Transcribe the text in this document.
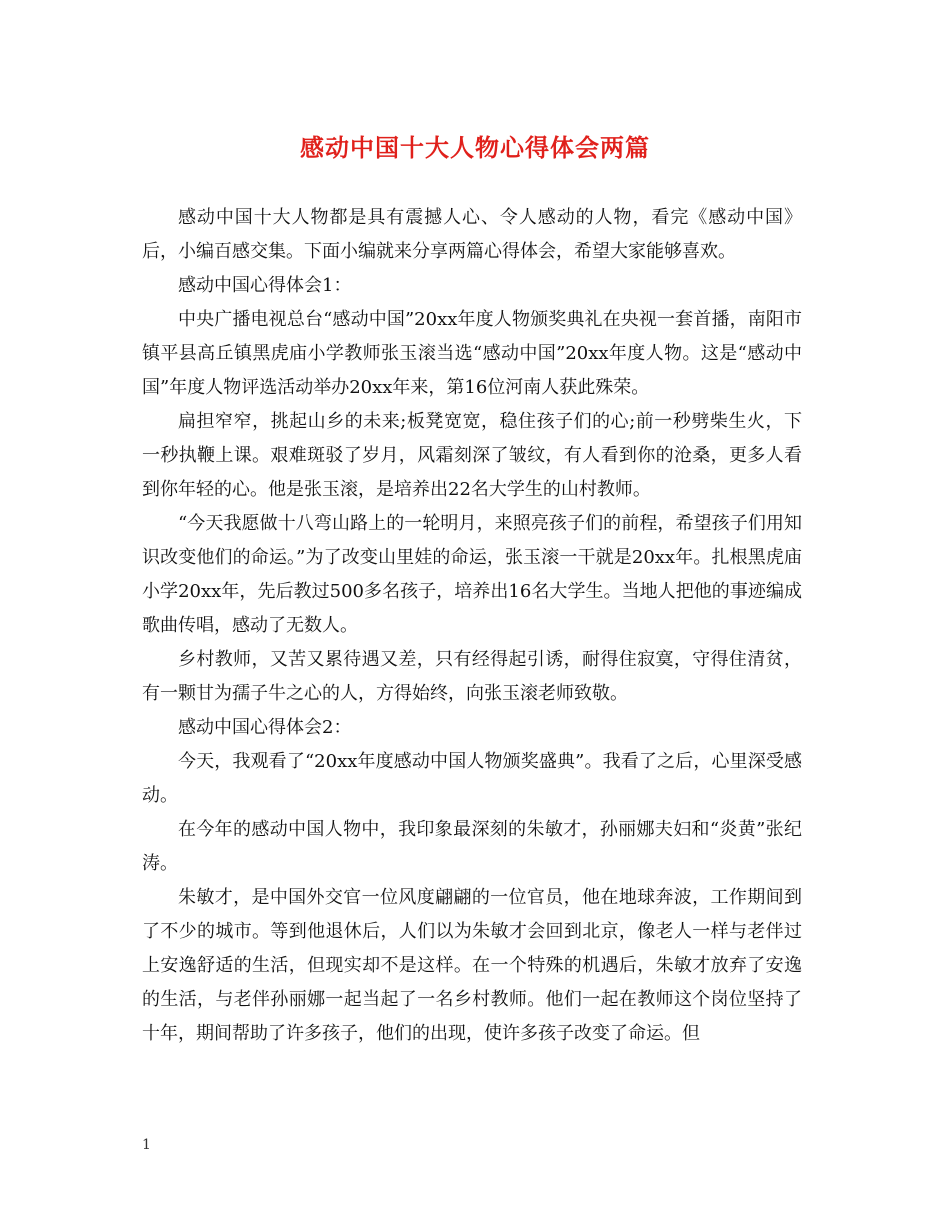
感动中国十大人物心得体会两篇

感动中国十大人物都是具有震撼人心、令人感动的人物，看完《感动中国》后，小编百感交集。下面小编就来分享两篇心得体会，希望大家能够喜欢。

感动中国心得体会1：

中央广播电视总台“感动中国”20xx年度人物颁奖典礼在央视一套首播，南阳市镇平县高丘镇黑虎庙小学教师张玉滚当选“感动中国”20xx年度人物。这是“感动中国”年度人物评选活动举办20xx年来，第16位河南人获此殊荣。

扁担窄窄，挑起山乡的未来;板凳宽宽，稳住孩子们的心;前一秒劈柴生火，下一秒执鞭上课。艰难斑驳了岁月，风霜刻深了皱纹，有人看到你的沧桑，更多人看到你年轻的心。他是张玉滚，是培养出22名大学生的山村教师。

“今天我愿做十八弯山路上的一轮明月，来照亮孩子们的前程，希望孩子们用知识改变他们的命运。”为了改变山里娃的命运，张玉滚一干就是20xx年。扎根黑虎庙小学20xx年，先后教过500多名孩子，培养出16名大学生。当地人把他的事迹编成歌曲传唱，感动了无数人。

乡村教师，又苦又累待遇又差，只有经得起引诱，耐得住寂寞，守得住清贫，有一颗甘为孺子牛之心的人，方得始终，向张玉滚老师致敬。

感动中国心得体会2：

今天，我观看了“20xx年度感动中国人物颁奖盛典”。我看了之后，心里深受感动。

在今年的感动中国人物中，我印象最深刻的朱敏才，孙丽娜夫妇和“炎黄”张纪涛。

朱敏才，是中国外交官一位风度翩翩的一位官员，他在地球奔波，工作期间到了不少的城市。等到他退休后，人们以为朱敏才会回到北京，像老人一样与老伴过上安逸舒适的生活，但现实却不是这样。在一个特殊的机遇后，朱敏才放弃了安逸的生活，与老伴孙丽娜一起当起了一名乡村教师。他们一起在教师这个岗位坚持了十年，期间帮助了许多孩子，他们的出现，使许多孩子改变了命运。但

1
